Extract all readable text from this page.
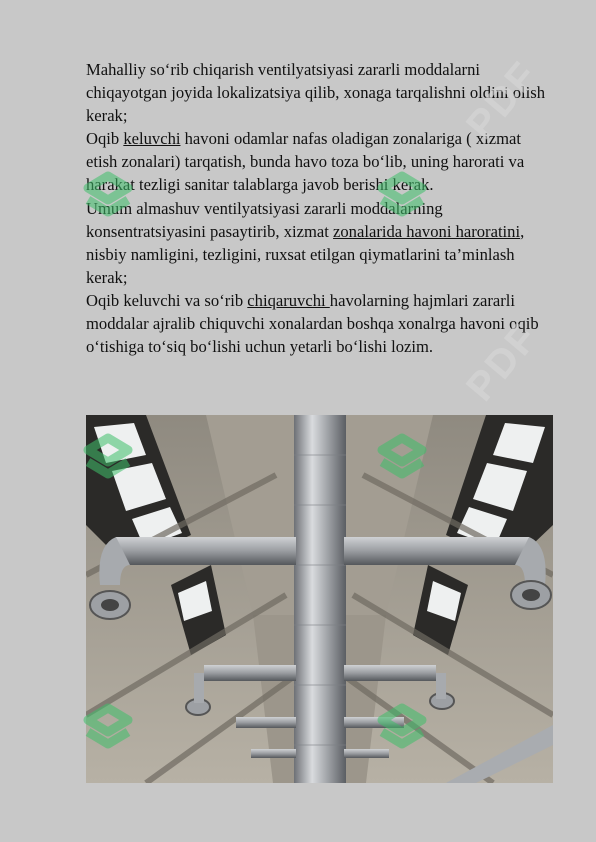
Mahalliy so‘rib chiqarish ventilyatsiyasi zararli moddalarni chiqayotgan joyida lokalizatsiya qilib, xonaga tarqalishni oldini olish kerak;

Oqib keluvchi havoni odamlar nafas oladigan zonalariga ( xizmat etish zonalari) tarqatish, bunda havo toza bo‘lib, uning harorati va harakat tezligi sanitar talablarga javob berishi kerak.

Umum almashuv ventilyatsiyasi zararli moddalarning konsentratsiyasini pasaytirib, xizmat zonalarida havoni haroratini, nisbiy namligini, tezligini, ruxsat etilgan qiymatlarini ta’minlash kerak;

Oqib keluvchi va so‘rib chiqaruvchi havolarning hajmlari zararli moddalar ajralib chiquvchi xonalardan boshqa xonalrga havoni oqib o‘tishiga to‘siq bo‘lishi uchun yetarli bo‘lishi lozim.

PDF
PDF
